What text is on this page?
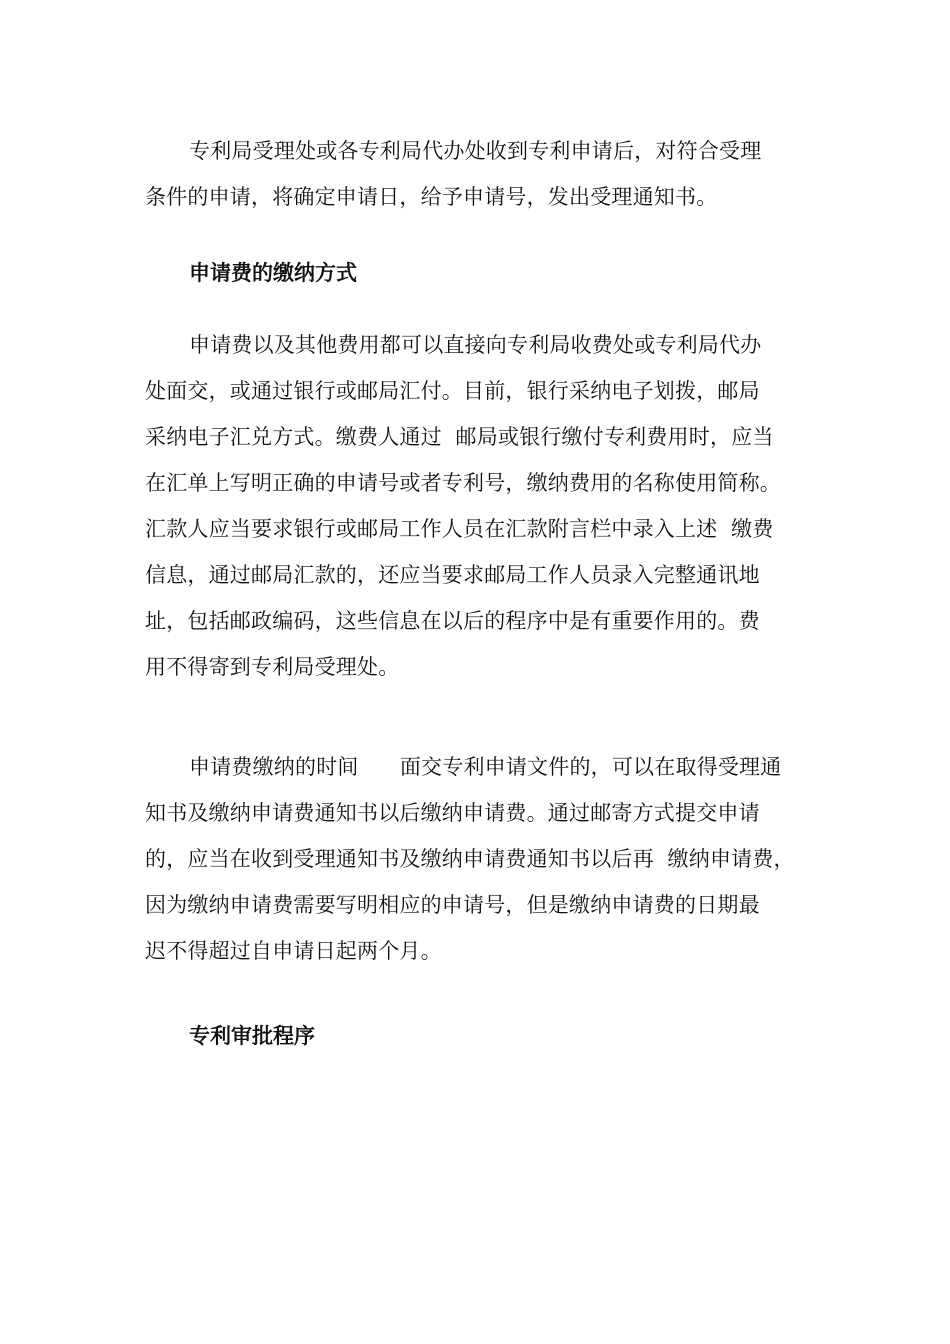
专利局受理处或各专利局代办处收到专利申请后，对符合受理
条件的申请，将确定申请日，给予申请号，发出受理通知书。
申请费的缴纳方式
申请费以及其他费用都可以直接向专利局收费处或专利局代办
处面交，或通过银行或邮局汇付。目前，银行采纳电子划拨，邮局
采纳电子汇兑方式。缴费人通过  邮局或银行缴付专利费用时，应当
在汇单上写明正确的申请号或者专利号，缴纳费用的名称使用简称。
汇款人应当要求银行或邮局工作人员在汇款附言栏中录入上述  缴费
信息，通过邮局汇款的，还应当要求邮局工作人员录入完整通讯地
址，包括邮政编码，这些信息在以后的程序中是有重要作用的。费
用不得寄到专利局受理处。
申请费缴纳的时间      面交专利申请文件的，可以在取得受理通
知书及缴纳申请费通知书以后缴纳申请费。通过邮寄方式提交申请
的，应当在收到受理通知书及缴纳申请费通知书以后再  缴纳申请费，
因为缴纳申请费需要写明相应的申请号，但是缴纳申请费的日期最
迟不得超过自申请日起两个月。
专利审批程序
